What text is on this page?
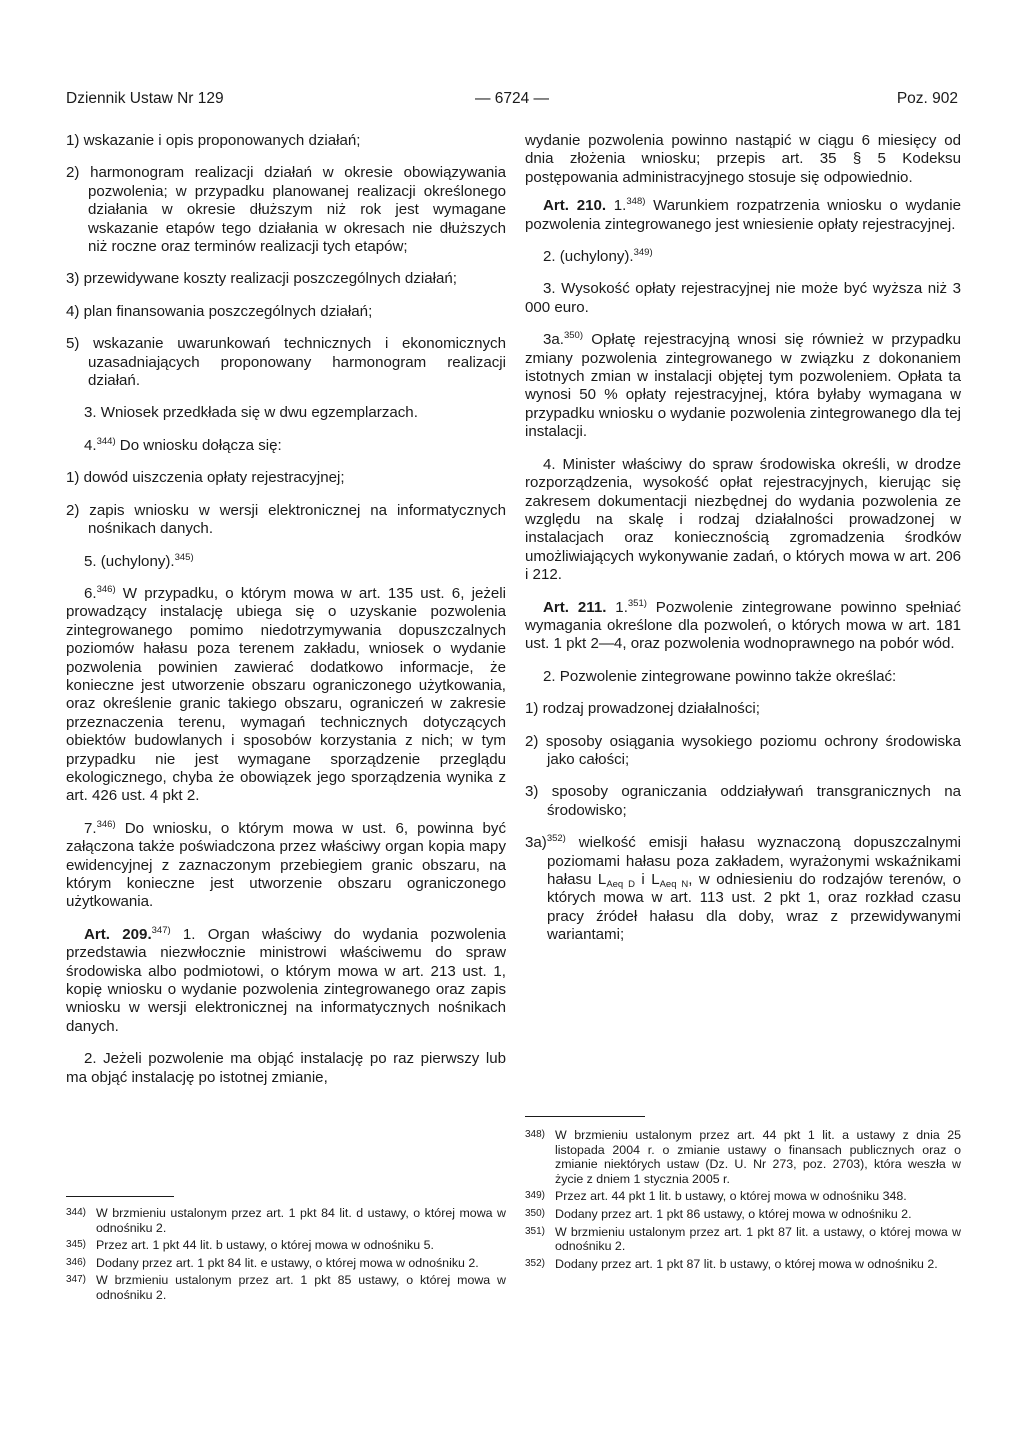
Dziennik Ustaw Nr 129	— 6724 —	Poz. 902

1) wskazanie i opis proponowanych działań;

2) harmonogram realizacji działań w okresie obowiązywania pozwolenia; w przypadku planowanej realizacji określonego działania w okresie dłuższym niż rok jest wymagane wskazanie etapów tego działania w okresach nie dłuższych niż roczne oraz terminów realizacji tych etapów;

3) przewidywane koszty realizacji poszczególnych działań;

4) plan finansowania poszczególnych działań;

5) wskazanie uwarunkowań technicznych i ekonomicznych uzasadniających proponowany harmonogram realizacji działań.

3. Wniosek przedkłada się w dwu egzemplarzach.

4.$^{344)}$ Do wniosku dołącza się:

1) dowód uiszczenia opłaty rejestracyjnej;

2) zapis wniosku w wersji elektronicznej na informatycznych nośnikach danych.

5. (uchylony).$^{345)}$

6.$^{346)}$ W przypadku, o którym mowa w art. 135 ust. 6, jeżeli prowadzący instalację ubiega się o uzyskanie pozwolenia zintegrowanego pomimo niedotrzymywania dopuszczalnych poziomów hałasu poza terenem zakładu, wniosek o wydanie pozwolenia powinien zawierać dodatkowo informacje, że konieczne jest utworzenie obszaru ograniczonego użytkowania, oraz określenie granic takiego obszaru, ograniczeń w zakresie przeznaczenia terenu, wymagań technicznych dotyczących obiektów budowlanych i sposobów korzystania z nich; w tym przypadku nie jest wymagane sporządzenie przeglądu ekologicznego, chyba że obowiązek jego sporządzenia wynika z art. 426 ust. 4 pkt 2.

7.$^{346)}$ Do wniosku, o którym mowa w ust. 6, powinna być załączona także poświadczona przez właściwy organ kopia mapy ewidencyjnej z zaznaczonym przebiegiem granic obszaru, na którym konieczne jest utworzenie obszaru ograniczonego użytkowania.

Art. 209.$^{347)}$ 1. Organ właściwy do wydania pozwolenia przedstawia niezwłocznie ministrowi właściwemu do spraw środowiska albo podmiotowi, o którym mowa w art. 213 ust. 1, kopię wniosku o wydanie pozwolenia zintegrowanego oraz zapis wniosku w wersji elektronicznej na informatycznych nośnikach danych.

2. Jeżeli pozwolenie ma objąć instalację po raz pierwszy lub ma objąć instalację po istotnej zmianie,

344) W brzmieniu ustalonym przez art. 1 pkt 84 lit. d ustawy, o której mowa w odnośniku 2.
345) Przez art. 1 pkt 44 lit. b ustawy, o której mowa w odnośniku 5.
346) Dodany przez art. 1 pkt 84 lit. e ustawy, o której mowa w odnośniku 2.
347) W brzmieniu ustalonym przez art. 1 pkt 85 ustawy, o której mowa w odnośniku 2.

wydanie pozwolenia powinno nastąpić w ciągu 6 miesięcy od dnia złożenia wniosku; przepis art. 35 § 5 Kodeksu postępowania administracyjnego stosuje się odpowiednio.

Art. 210. 1.$^{348)}$ Warunkiem rozpatrzenia wniosku o wydanie pozwolenia zintegrowanego jest wniesienie opłaty rejestracyjnej.

2. (uchylony).$^{349)}$

3. Wysokość opłaty rejestracyjnej nie może być wyższa niż 3 000 euro.

3a.$^{350)}$ Opłatę rejestracyjną wnosi się również w przypadku zmiany pozwolenia zintegrowanego w związku z dokonaniem istotnych zmian w instalacji objętej tym pozwoleniem. Opłata ta wynosi 50 % opłaty rejestracyjnej, która byłaby wymagana w przypadku wniosku o wydanie pozwolenia zintegrowanego dla tej instalacji.

4. Minister właściwy do spraw środowiska określi, w drodze rozporządzenia, wysokość opłat rejestracyjnych, kierując się zakresem dokumentacji niezbędnej do wydania pozwolenia ze względu na skalę i rodzaj działalności prowadzonej w instalacjach oraz koniecznością zgromadzenia środków umożliwiających wykonywanie zadań, o których mowa w art. 206 i 212.

Art. 211. 1.$^{351)}$ Pozwolenie zintegrowane powinno spełniać wymagania określone dla pozwoleń, o których mowa w art. 181 ust. 1 pkt 2—4, oraz pozwolenia wodnoprawnego na pobór wód.

2. Pozwolenie zintegrowane powinno także określać:

1) rodzaj prowadzonej działalności;

2) sposoby osiągania wysokiego poziomu ochrony środowiska jako całości;

3) sposoby ograniczania oddziaływań transgranicznych na środowisko;

3a)$^{352)}$ wielkość emisji hałasu wyznaczoną dopuszczalnymi poziomami hałasu poza zakładem, wyrażonymi wskaźnikami hałasu $L_{Aeq D}$ i $L_{Aeq N}$, w odniesieniu do rodzajów terenów, o których mowa w art. 113 ust. 2 pkt 1, oraz rozkład czasu pracy źródeł hałasu dla doby, wraz z przewidywanymi wariantami;

348) W brzmieniu ustalonym przez art. 44 pkt 1 lit. a ustawy z dnia 25 listopada 2004 r. o zmianie ustawy o finansach publicznych oraz o zmianie niektórych ustaw (Dz. U. Nr 273, poz. 2703), która weszła w życie z dniem 1 stycznia 2005 r.
349) Przez art. 44 pkt 1 lit. b ustawy, o której mowa w odnośniku 348.
350) Dodany przez art. 1 pkt 86 ustawy, o której mowa w odnośniku 2.
351) W brzmieniu ustalonym przez art. 1 pkt 87 lit. a ustawy, o której mowa w odnośniku 2.
352) Dodany przez art. 1 pkt 87 lit. b ustawy, o której mowa w odnośniku 2.
